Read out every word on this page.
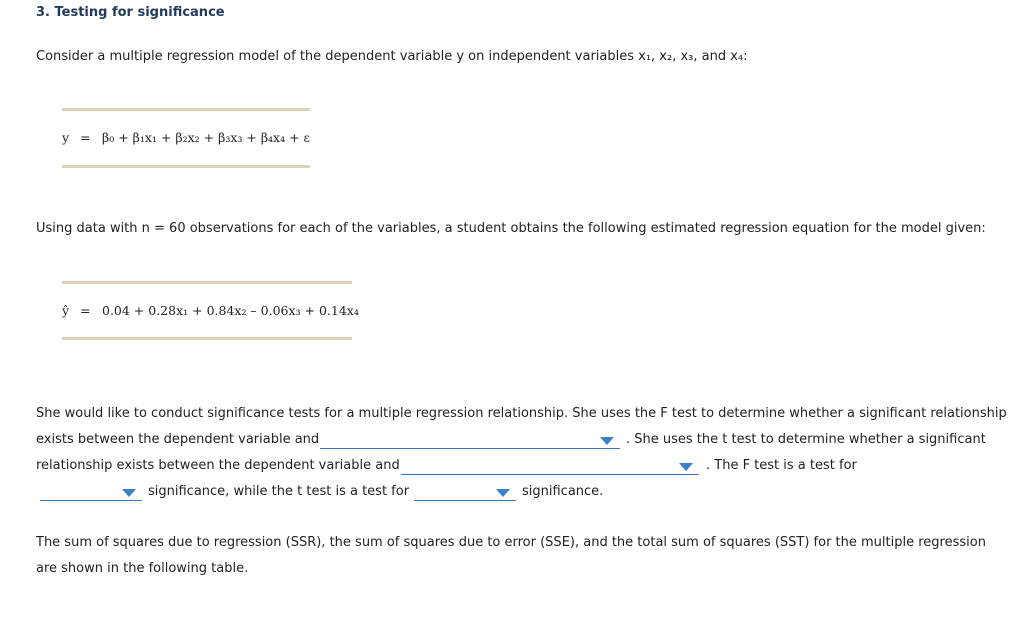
3. Testing for significance
Consider a multiple regression model of the dependent variable y on independent variables x₁, x₂, x₃, and x₄:
y = β₀ + β₁x₁ + β₂x₂ + β₃x₃ + β₄x₄ + ε
Using data with n = 60 observations for each of the variables, a student obtains the following estimated regression equation for the model given:
ŷ = 0.04 + 0.28x₁ + 0.84x₂ – 0.06x₃ + 0.14x₄
She would like to conduct significance tests for a multiple regression relationship. She uses the F test to determine whether a significant relationship
exists between the dependent variable and	. She uses the t test to determine whether a significant
relationship exists between the dependent variable and	. The F test is a test for
significance, while the t test is a test for	significance.
The sum of squares due to regression (SSR), the sum of squares due to error (SSE), and the total sum of squares (SST) for the multiple regression
are shown in the following table.
